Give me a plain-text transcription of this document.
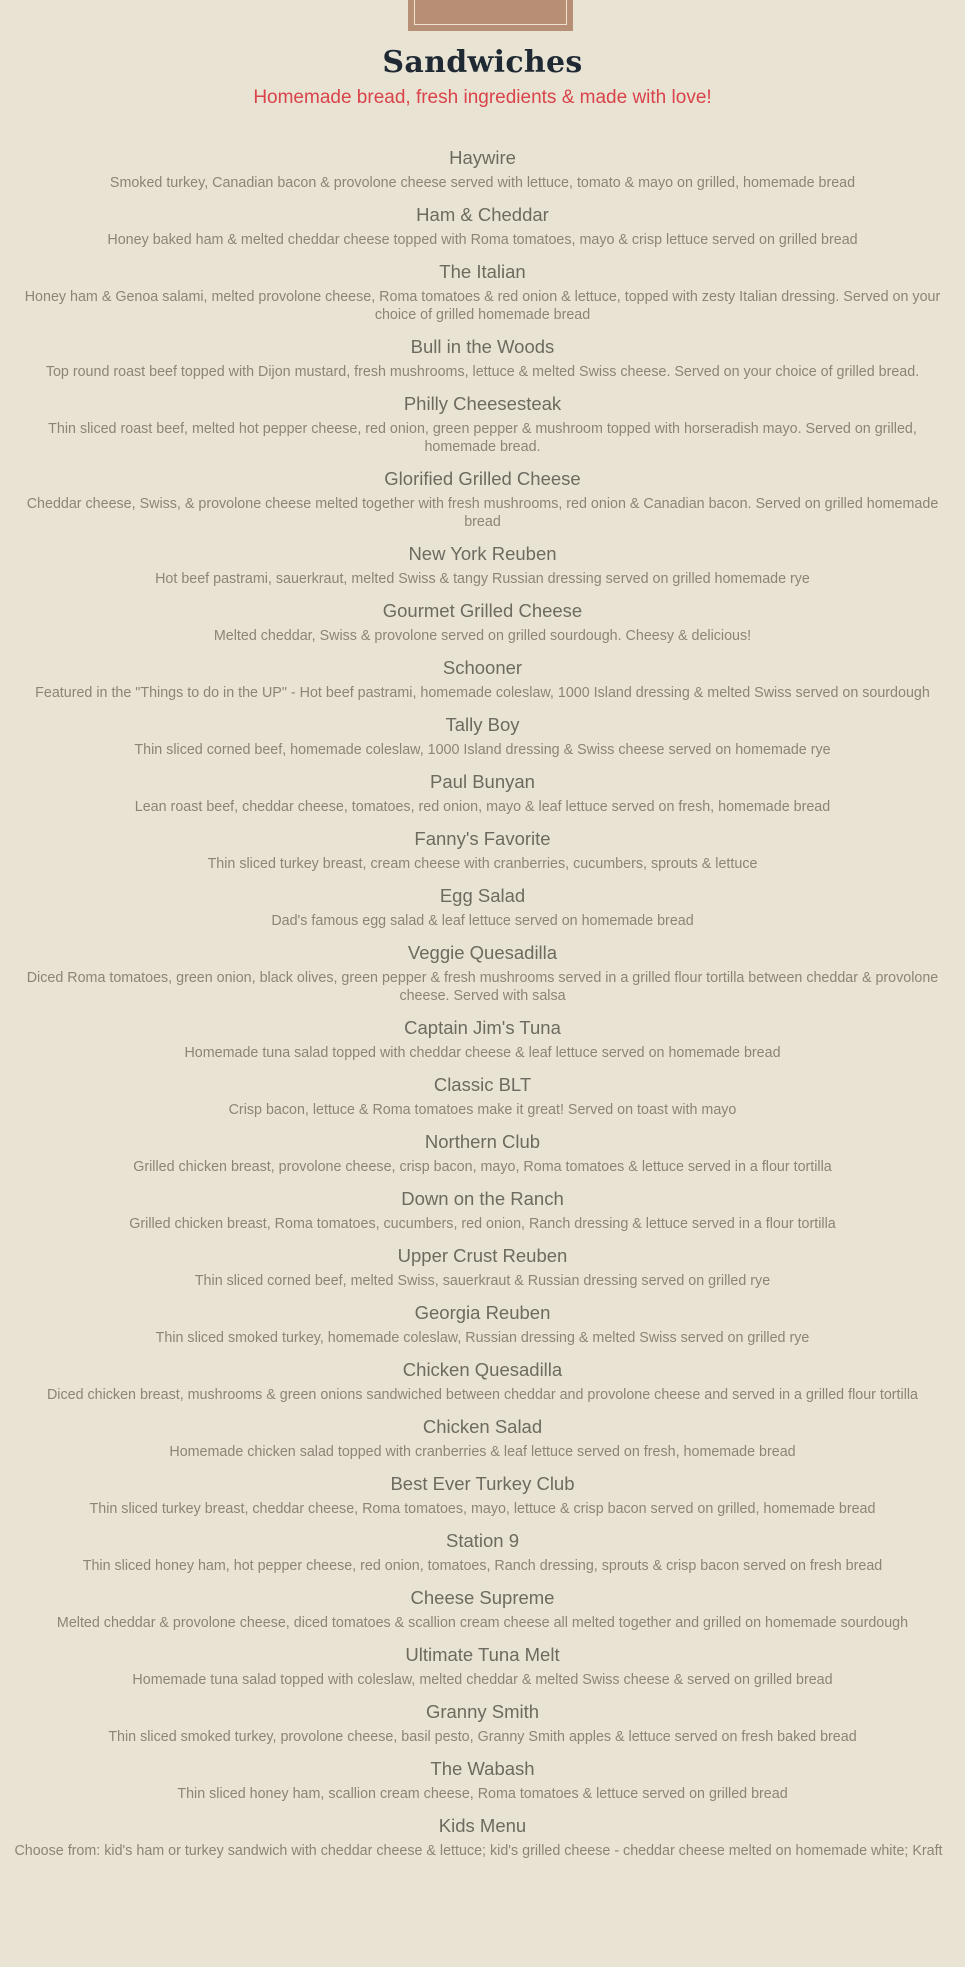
Sandwiches

Homemade bread, fresh ingredients & made with love!

Haywire
Smoked turkey, Canadian bacon & provolone cheese served with lettuce, tomato & mayo on grilled, homemade bread
Ham & Cheddar
Honey baked ham & melted cheddar cheese topped with Roma tomatoes, mayo & crisp lettuce served on grilled bread
The Italian
Honey ham & Genoa salami, melted provolone cheese, Roma tomatoes & red onion & lettuce, topped with zesty Italian dressing. Served on your
choice of grilled homemade bread
Bull in the Woods
Top round roast beef topped with Dijon mustard, fresh mushrooms, lettuce & melted Swiss cheese. Served on your choice of grilled bread.
Philly Cheesesteak
Thin sliced roast beef, melted hot pepper cheese, red onion, green pepper & mushroom topped with horseradish mayo. Served on grilled,
homemade bread.
Glorified Grilled Cheese
Cheddar cheese, Swiss, & provolone cheese melted together with fresh mushrooms, red onion & Canadian bacon. Served on grilled homemade
bread
New York Reuben
Hot beef pastrami, sauerkraut, melted Swiss & tangy Russian dressing served on grilled homemade rye
Gourmet Grilled Cheese
Melted cheddar, Swiss & provolone served on grilled sourdough. Cheesy & delicious!
Schooner
Featured in the "Things to do in the UP" - Hot beef pastrami, homemade coleslaw, 1000 Island dressing & melted Swiss served on sourdough
Tally Boy
Thin sliced corned beef, homemade coleslaw, 1000 Island dressing & Swiss cheese served on homemade rye
Paul Bunyan
Lean roast beef, cheddar cheese, tomatoes, red onion, mayo & leaf lettuce served on fresh, homemade bread
Fanny's Favorite
Thin sliced turkey breast, cream cheese with cranberries, cucumbers, sprouts & lettuce
Egg Salad
Dad's famous egg salad & leaf lettuce served on homemade bread
Veggie Quesadilla
Diced Roma tomatoes, green onion, black olives, green pepper & fresh mushrooms served in a grilled flour tortilla between cheddar & provolone
cheese. Served with salsa
Captain Jim's Tuna
Homemade tuna salad topped with cheddar cheese & leaf lettuce served on homemade bread
Classic BLT
Crisp bacon, lettuce & Roma tomatoes make it great! Served on toast with mayo
Northern Club
Grilled chicken breast, provolone cheese, crisp bacon, mayo, Roma tomatoes & lettuce served in a flour tortilla
Down on the Ranch
Grilled chicken breast, Roma tomatoes, cucumbers, red onion, Ranch dressing & lettuce served in a flour tortilla
Upper Crust Reuben
Thin sliced corned beef, melted Swiss, sauerkraut & Russian dressing served on grilled rye
Georgia Reuben
Thin sliced smoked turkey, homemade coleslaw, Russian dressing & melted Swiss served on grilled rye
Chicken Quesadilla
Diced chicken breast, mushrooms & green onions sandwiched between cheddar and provolone cheese and served in a grilled flour tortilla
Chicken Salad
Homemade chicken salad topped with cranberries & leaf lettuce served on fresh, homemade bread
Best Ever Turkey Club
Thin sliced turkey breast, cheddar cheese, Roma tomatoes, mayo, lettuce & crisp bacon served on grilled, homemade bread
Station 9
Thin sliced honey ham, hot pepper cheese, red onion, tomatoes, Ranch dressing, sprouts & crisp bacon served on fresh bread
Cheese Supreme
Melted cheddar & provolone cheese, diced tomatoes & scallion cream cheese all melted together and grilled on homemade sourdough
Ultimate Tuna Melt
Homemade tuna salad topped with coleslaw, melted cheddar & melted Swiss cheese & served on grilled bread
Granny Smith
Thin sliced smoked turkey, provolone cheese, basil pesto, Granny Smith apples & lettuce served on fresh baked bread
The Wabash
Thin sliced honey ham, scallion cream cheese, Roma tomatoes & lettuce served on grilled bread
Kids Menu
Choose from: kid's ham or turkey sandwich with cheddar cheese & lettuce; kid's grilled cheese - cheddar cheese melted on homemade white; Kraft
